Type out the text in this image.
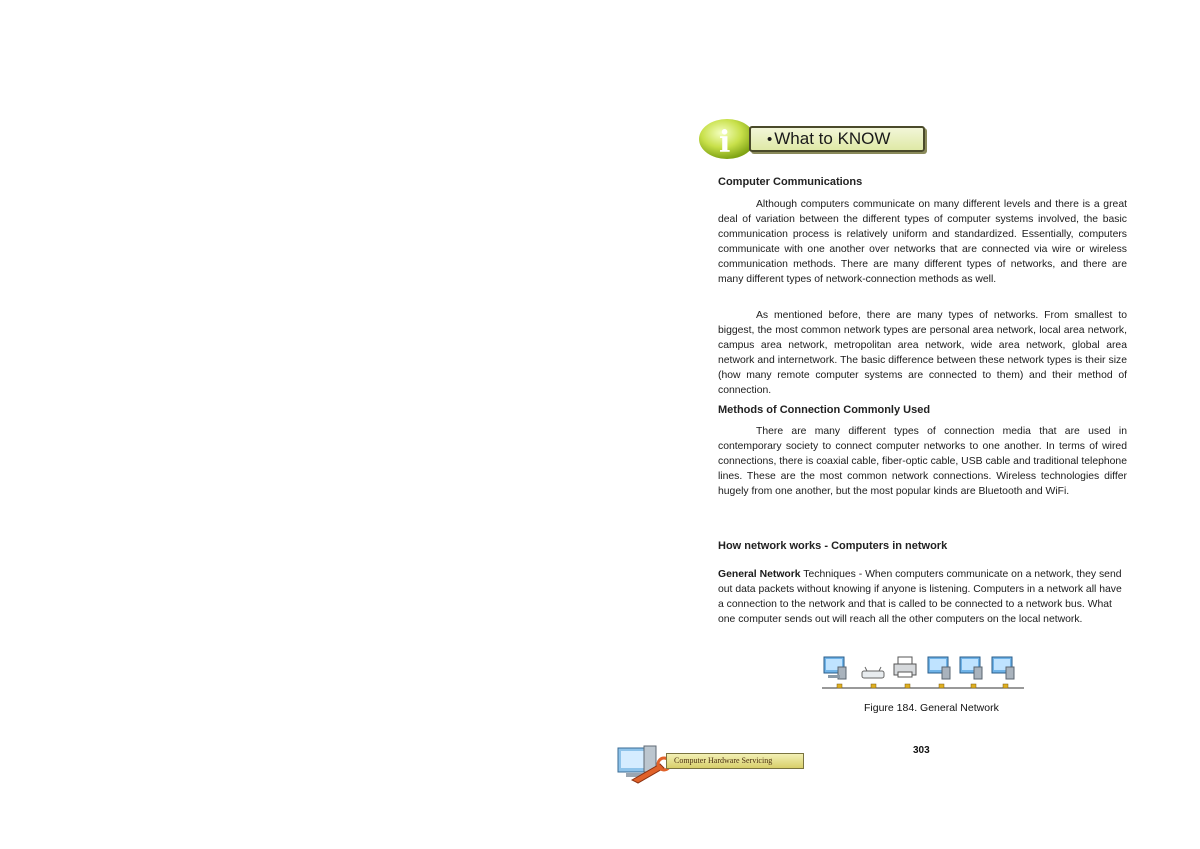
i • What to KNOW
Computer Communications
Although computers communicate on many different levels and there is a great deal of variation between the different types of computer systems involved, the basic communication process is relatively uniform and standardized. Essentially, computers communicate with one another over networks that are connected via wire or wireless communication methods. There are many different types of networks, and there are many different types of network-connection methods as well.
As mentioned before, there are many types of networks. From smallest to biggest, the most common network types are personal area network, local area network, campus area network, metropolitan area network, wide area network, global area network and internetwork. The basic difference between these network types is their size (how many remote computer systems are connected to them) and their method of connection.
Methods of Connection Commonly Used
There are many different types of connection media that are used in contemporary society to connect computer networks to one another. In terms of wired connections, there is coaxial cable, fiber-optic cable, USB cable and traditional telephone lines. These are the most common network connections. Wireless technologies differ hugely from one another, but the most popular kinds are Bluetooth and WiFi.
How network works - Computers in network
General Network Techniques - When computers communicate on a network, they send out data packets without knowing if anyone is listening. Computers in a network all have a connection to the network and that is called to be connected to a network bus. What one computer sends out will reach all the other computers on the local network.
Figure 184. General Network
303
Computer Hardware Servicing
